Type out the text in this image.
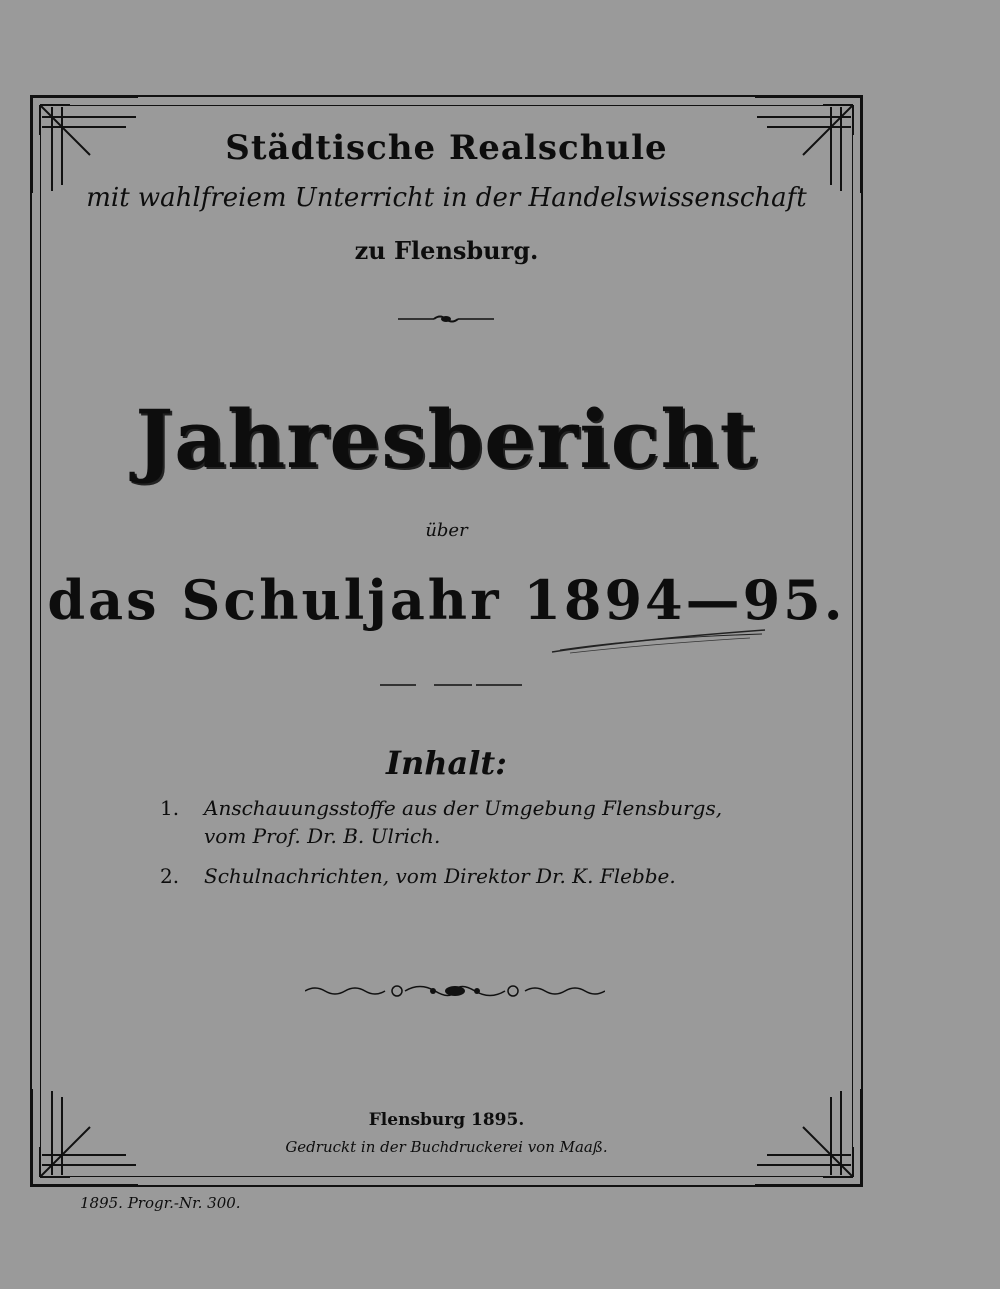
Städtische Realschule
mit wahlfreiem Unterricht in der Handelswissenschaft
zu Flensburg.
Jahresbericht
über
das Schuljahr 1894—95.
Inhalt:
1.	Anschauungsstoffe aus der Umgebung Flensburgs,
vom Prof. Dr. B. Ulrich.
2.	Schulnachrichten, vom Direktor Dr. K. Flebbe.
Flensburg 1895.
Gedruckt in der Buchdruckerei von Maaß.
1895. Progr.-Nr. 300.
